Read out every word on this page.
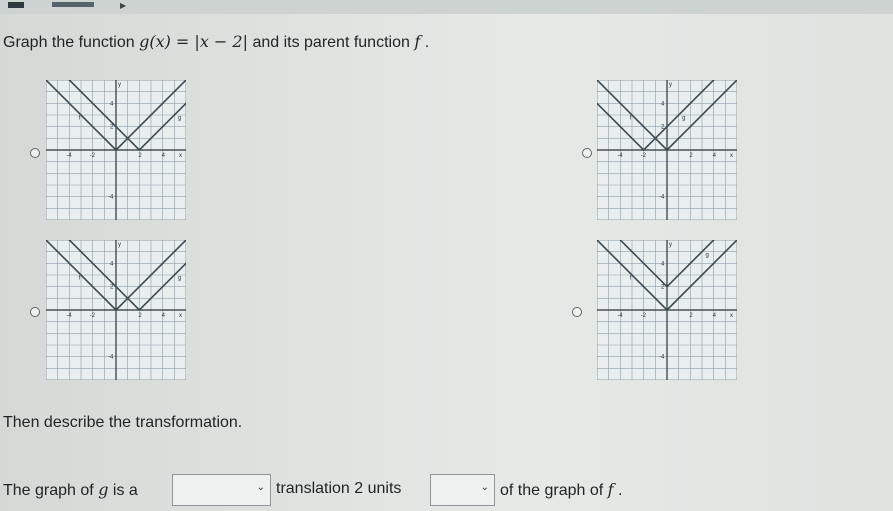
▶
Graph the function g(x) = |x − 2| and its parent function f .
-4	-2	2	4
4
2
-4
x
y
f	g
-4	-2	2	4
4
2
-4
x
y
f	g
-4	-2	2	4
4
2
-4
x
y
f	g
-4	-2	2	4
4
2
-4
x
y
f
g
Then describe the transformation.
The graph of g is a	⌄ translation 2 units	⌄ of the graph of f .
